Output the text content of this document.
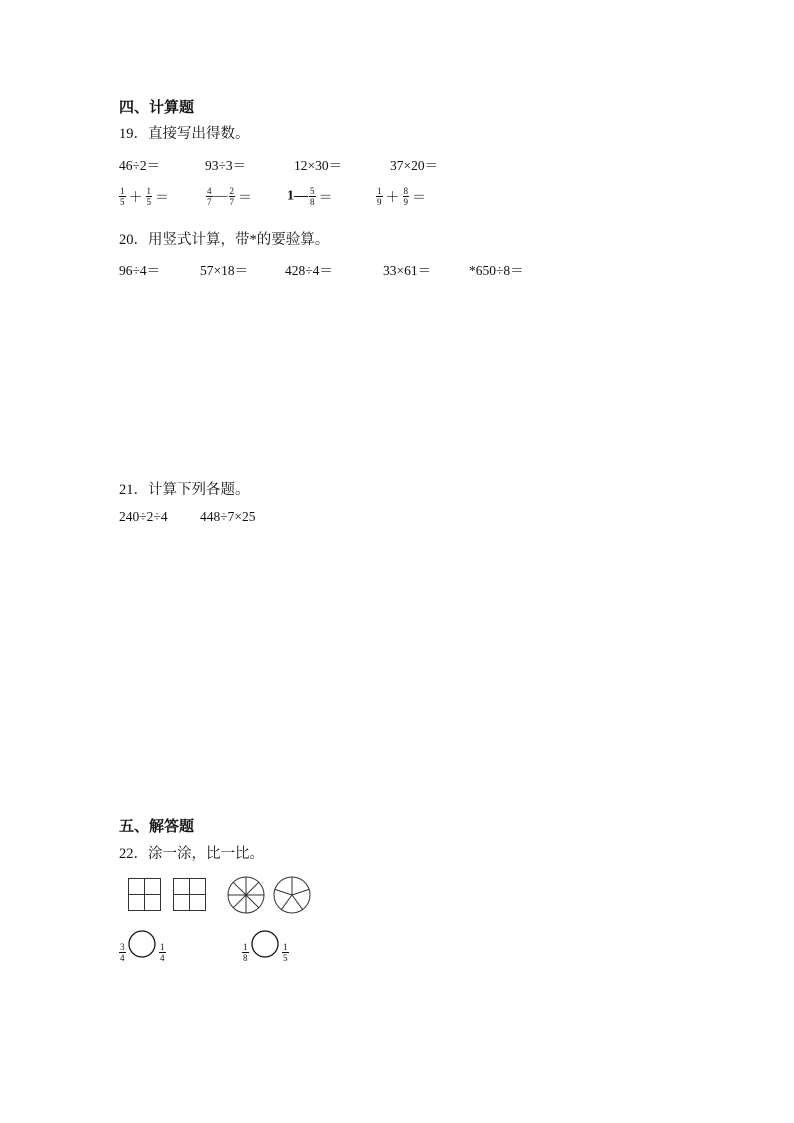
四、计算题
19．直接写出得数。
46÷2＝	93÷3＝	12×30＝	37×20＝
$\frac{1}{5} + \frac{1}{5}$ ＝	$\frac{4}{7}$ — $\frac{2}{7}$ ＝	1— $\frac{5}{8}$ ＝	$\frac{1}{9} + \frac{8}{9}$ ＝
20．用竖式计算，带*的要验算。
96÷4＝	57×18＝	428÷4＝	33×61＝	*650÷8＝
21．计算下列各题。
240÷2÷4 448÷7×25
五、解答题
22．涂一涂，比一比。
$\frac{3}{4}$	$\frac{1}{4}$	$\frac{1}{8}$	$\frac{1}{5}$
